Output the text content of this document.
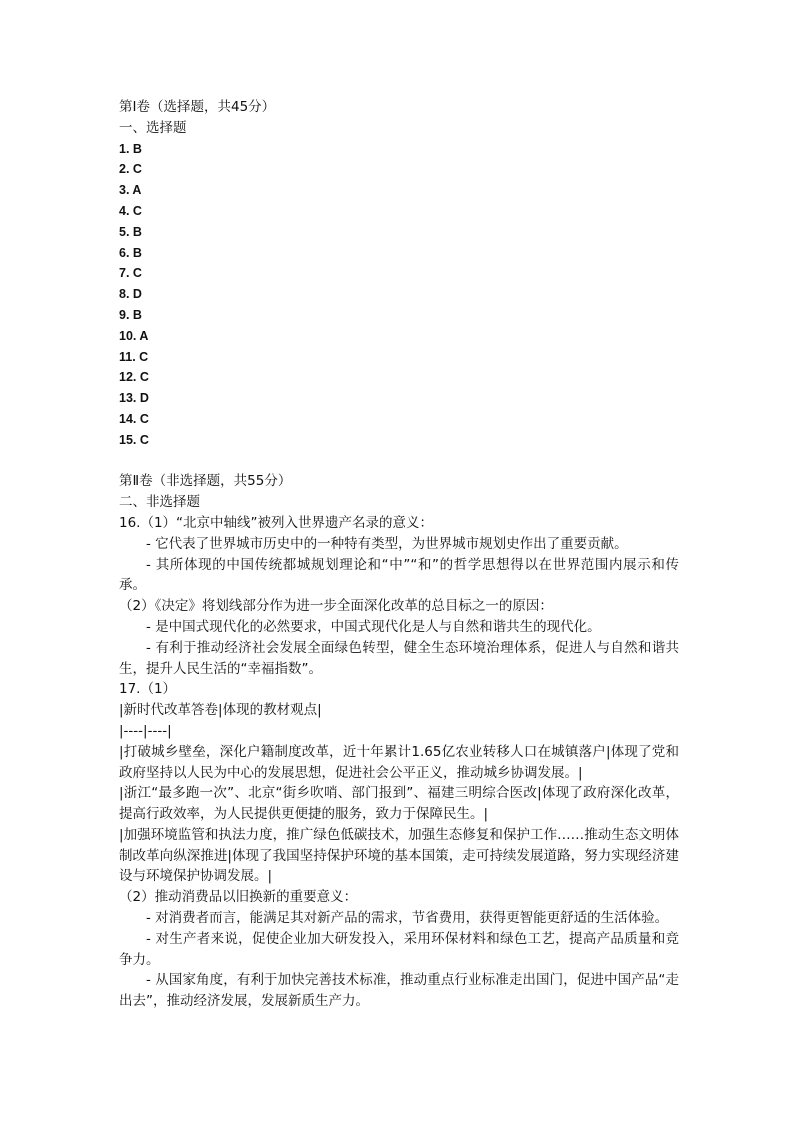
第Ⅰ卷（选择题，共45分）
一、选择题
1. B
2. C
3. A
4. C
5. B
6. B
7. C
8. D
9. B
10. A
11. C
12. C
13. D
14. C
15. C
第Ⅱ卷（非选择题，共55分）
二、非选择题
16.（1）“北京中轴线”被列入世界遗产名录的意义：
- 它代表了世界城市历史中的一种特有类型，为世界城市规划史作出了重要贡献。
- 其所体现的中国传统都城规划理论和“中”“和”的哲学思想得以在世界范围内展示和传承。
（2）《决定》将划线部分作为进一步全面深化改革的总目标之一的原因：
- 是中国式现代化的必然要求，中国式现代化是人与自然和谐共生的现代化。
- 有利于推动经济社会发展全面绿色转型，健全生态环境治理体系，促进人与自然和谐共生，提升人民生活的“幸福指数”。
17.（1）
|新时代改革答卷|体现的教材观点|
|----|----|
|打破城乡壁垒，深化户籍制度改革，近十年累计1.65亿农业转移人口在城镇落户|体现了党和政府坚持以人民为中心的发展思想，促进社会公平正义，推动城乡协调发展。|
|浙江“最多跑一次”、北京“街乡吹哨、部门报到”、福建三明综合医改|体现了政府深化改革，提高行政效率，为人民提供更便捷的服务，致力于保障民生。|
|加强环境监管和执法力度，推广绿色低碳技术，加强生态修复和保护工作……推动生态文明体制改革向纵深推进|体现了我国坚持保护环境的基本国策，走可持续发展道路，努力实现经济建设与环境保护协调发展。|
（2）推动消费品以旧换新的重要意义：
- 对消费者而言，能满足其对新产品的需求，节省费用，获得更智能更舒适的生活体验。
- 对生产者来说，促使企业加大研发投入，采用环保材料和绿色工艺，提高产品质量和竞争力。
- 从国家角度，有利于加快完善技术标准，推动重点行业标准走出国门，促进中国产品“走出去”，推动经济发展，发展新质生产力。
